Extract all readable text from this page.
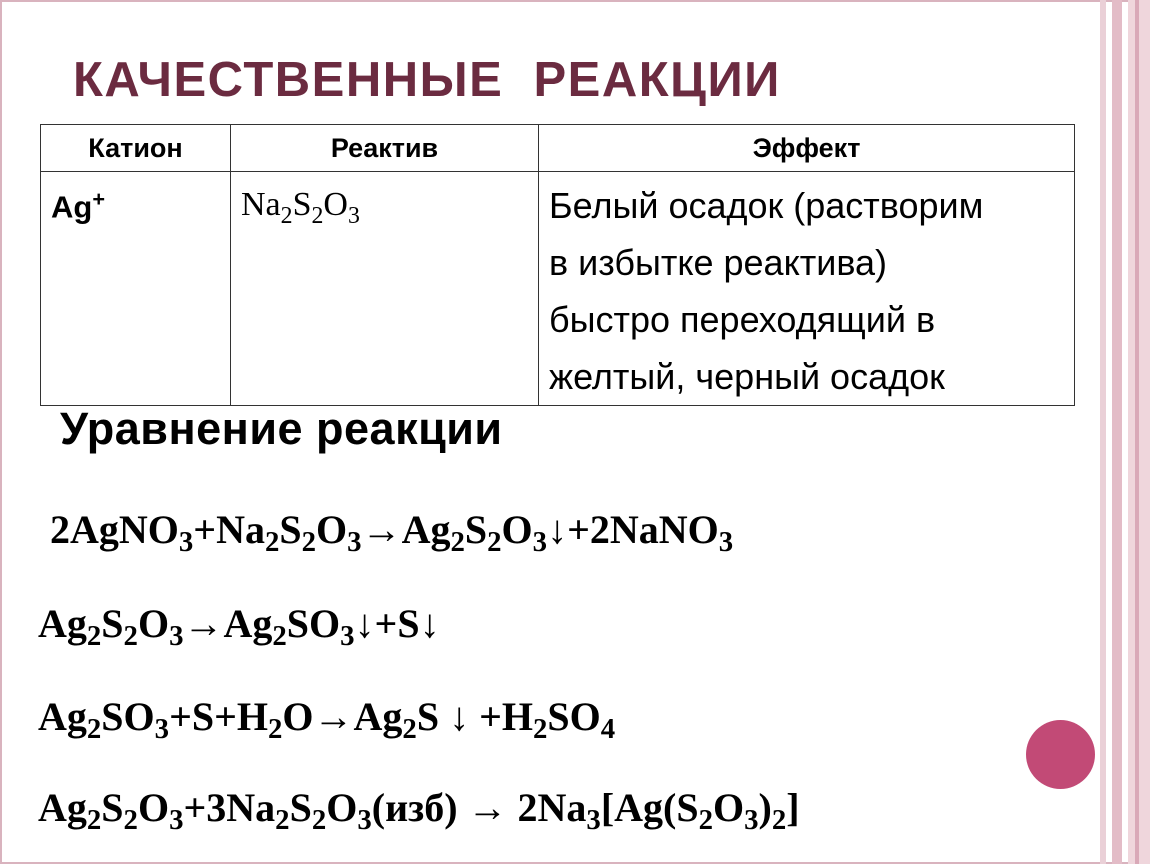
КАЧЕСТВЕННЫЕ  РЕАКЦИИ
Катион	Реактив	Эффект
Ag+	$Na_2S_2O_3$	Белый осадок (растворим
в избытке реактива)
быстро переходящий в
желтый, черный осадок
Уравнение реакции
$2AgNO_3+Na_2S_2O_3\to Ag_2S_2O_3↓+2NaNO_3$
$Ag_2S_2O_3\to Ag_2SO_3↓+S↓$
$Ag_2SO_3+S+H_2O\to Ag_2S$ ↓ $+H_2SO_4$
$Ag_2S_2O_3+3Na_2S_2O_3(изб) \to 2Na_3[Ag(S_2O_3)_2]$
